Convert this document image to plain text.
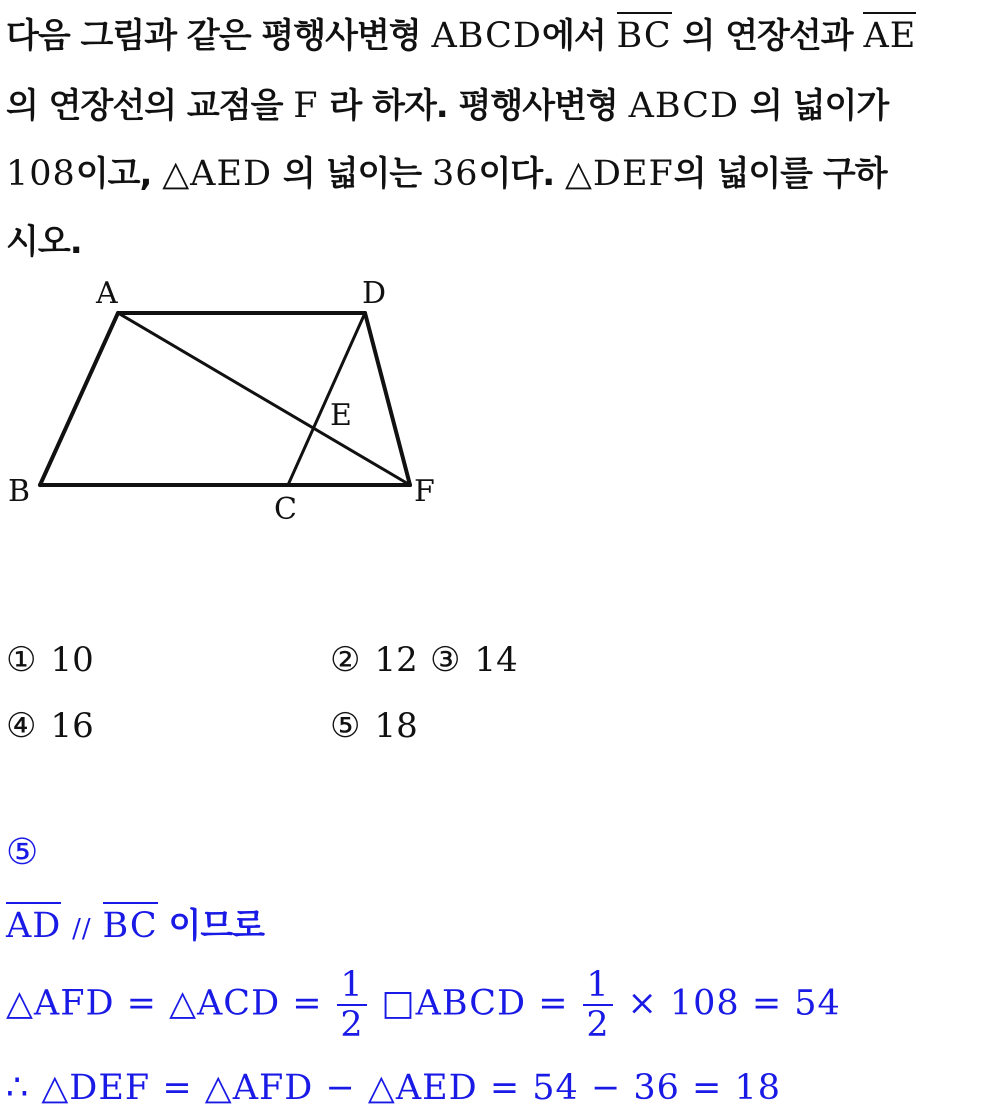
다음 그림과 같은 평행사변형 ABCD에서 BC 의 연장선과 AE
의 연장선의 교점을 F 라 하자. 평행사변형 ABCD 의 넓이가
108이고, △AED 의 넓이는 36이다. △DEF의 넓이를 구하
시오.
A	D
E
B
C
F
① 10	② 12 ③ 14
④ 16	⑤ 18
⑤
AD // BC 이므로
△AFD = △ACD = $\frac{1}{2}$ □ABCD = $\frac{1}{2} \times 108 = 54$
∴ △DEF = △AFD − △AED = 54 − 36 = 18
